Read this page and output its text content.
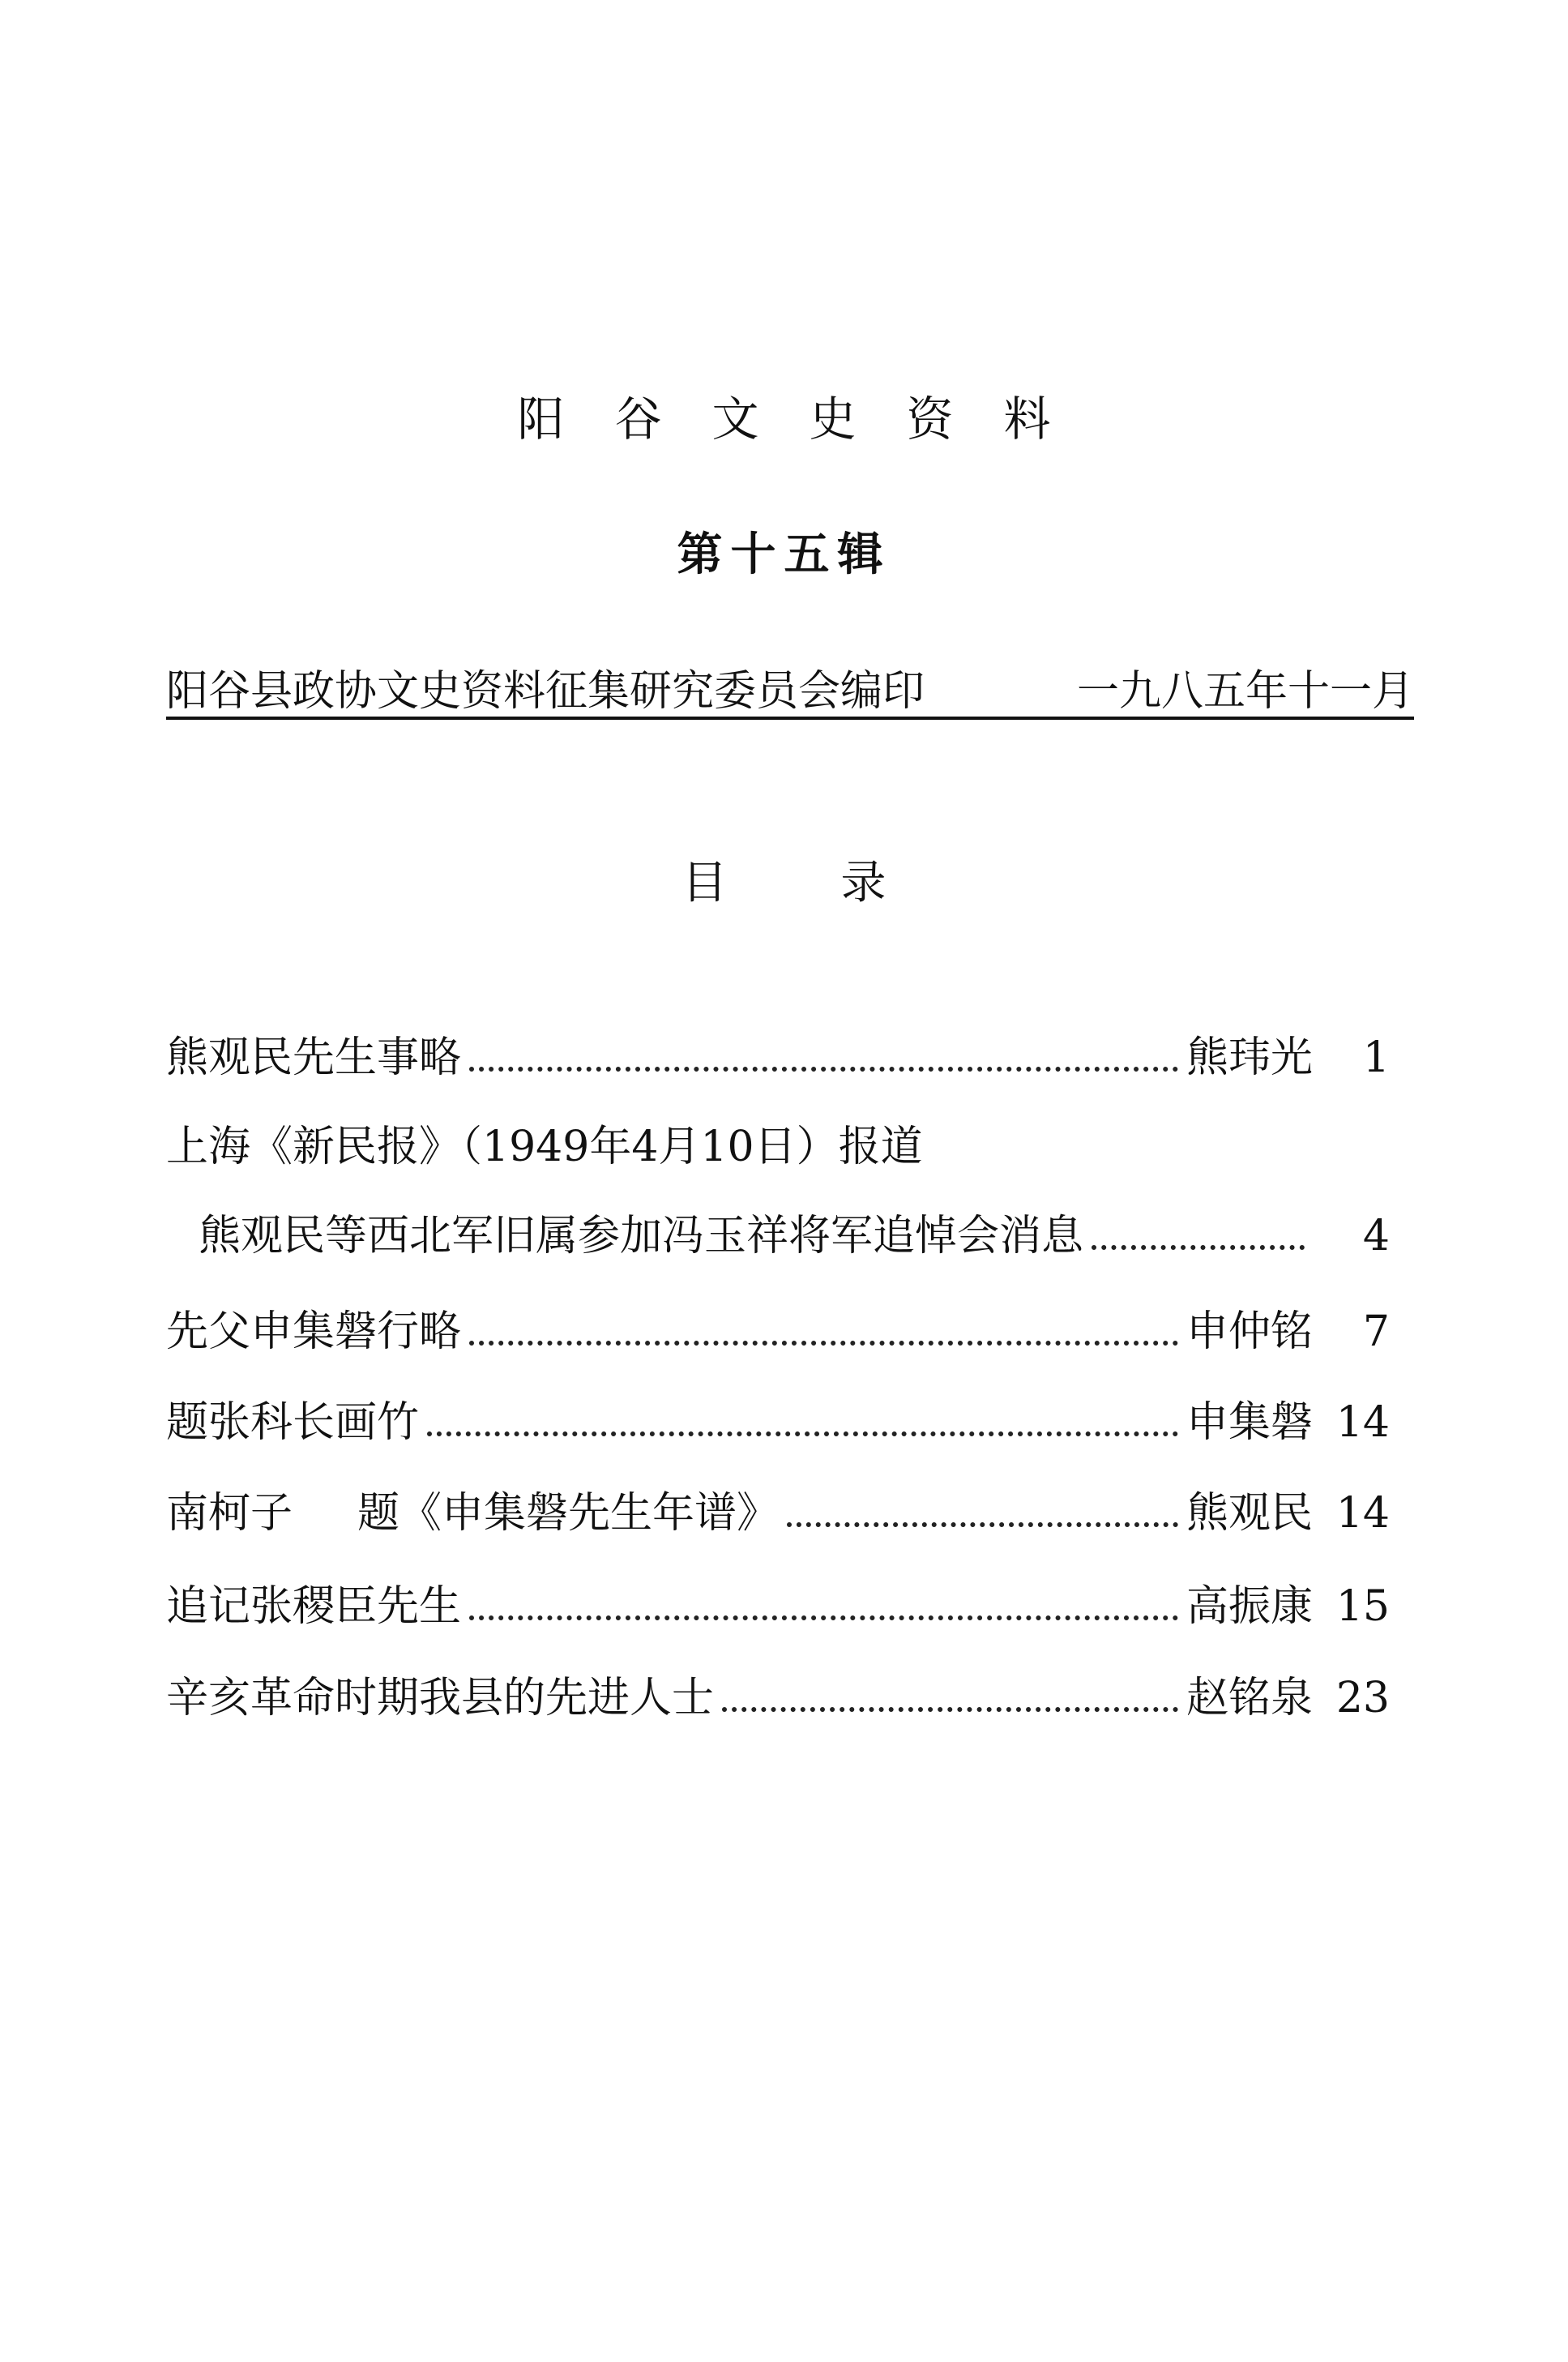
阳谷文史资料
第十五辑
阳谷县政协文史资料征集研究委员会编印	一九八五年十一月
目录
熊观民先生事略	熊玮光	1
上海《新民报》（1949年4月10日）报道
熊观民等西北军旧属参加冯玉祥将军追悼会消息	4
先父申集磐行略	申仲铭	7
题张科长画竹	申集磐 14
南柯子 题《申集磐先生年谱》	熊观民 14
追记张稷臣先生	高振康 15
辛亥革命时期我县的先进人士	赵铭泉 23
